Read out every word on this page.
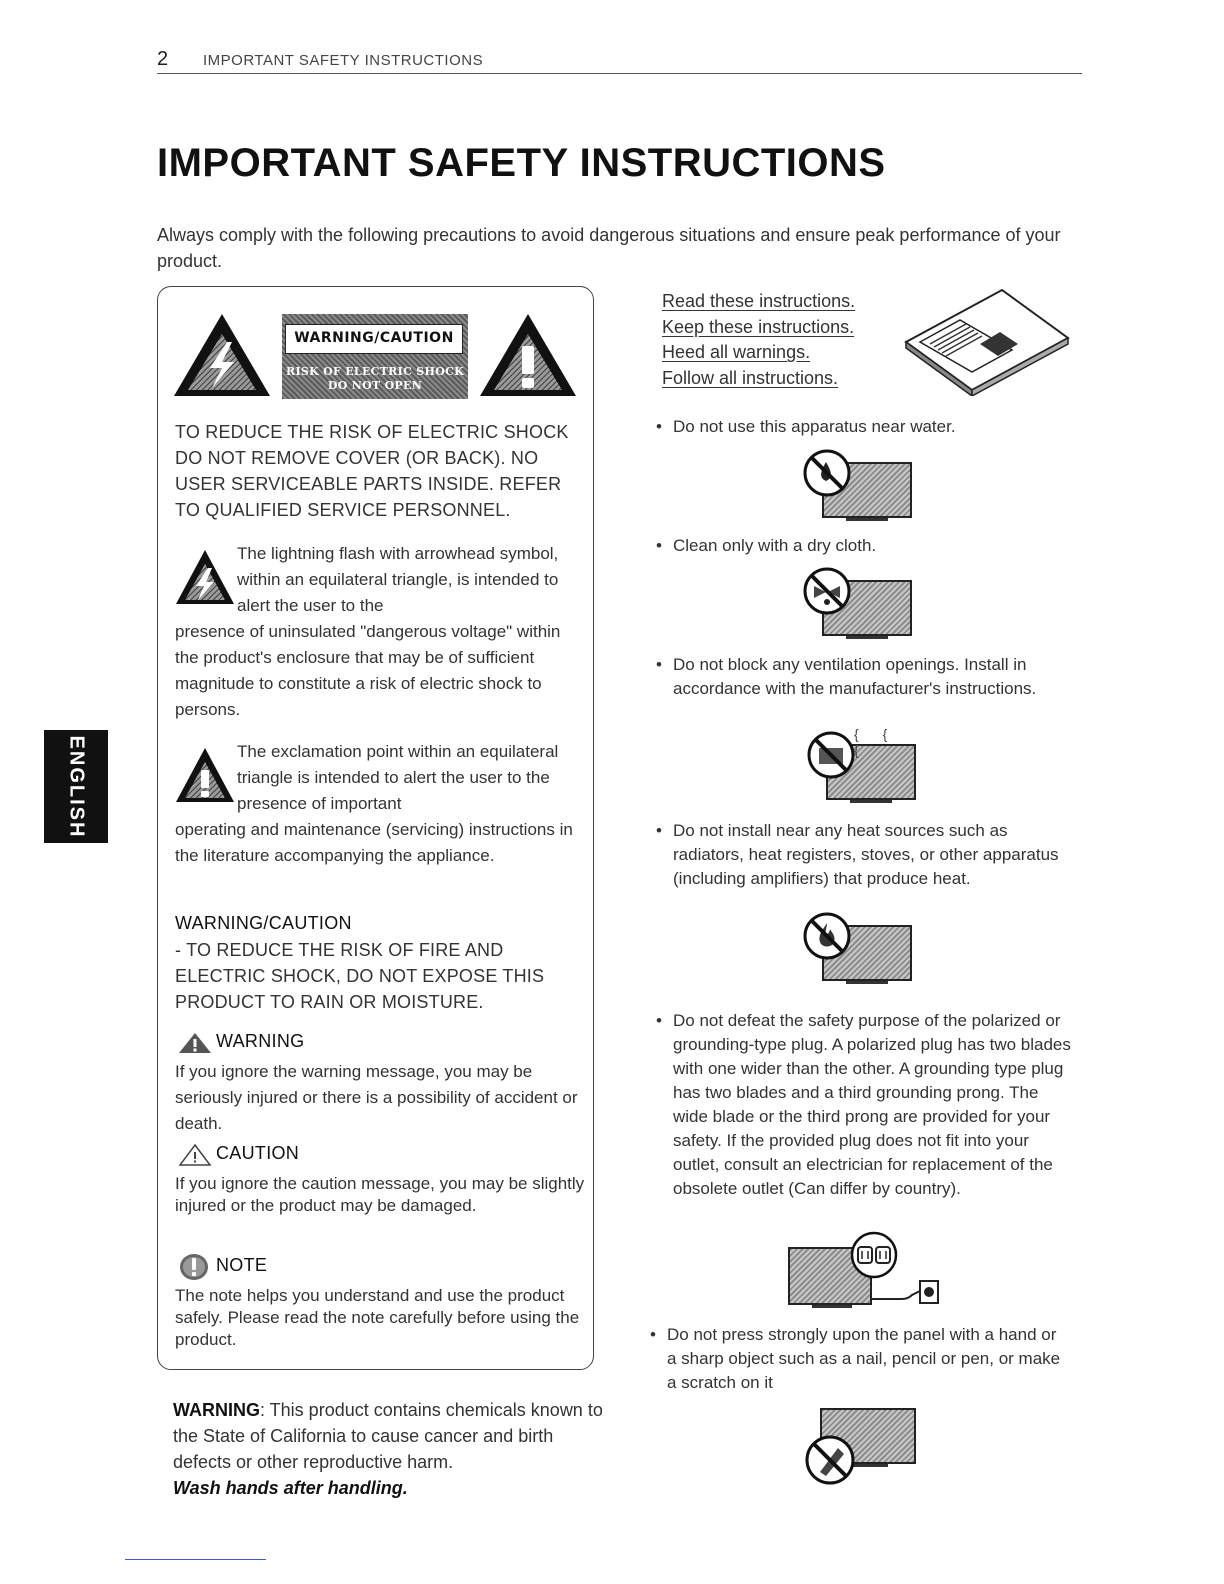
2 IMPORTANT SAFETY INSTRUCTIONS
IMPORTANT SAFETY INSTRUCTIONS
Always comply with the following precautions to avoid dangerous situations and ensure peak performance of your product.
ENGLISH
WARNING/CAUTION
RISK OF ELECTRIC SHOCK
DO NOT OPEN
TO REDUCE THE RISK OF ELECTRIC SHOCK DO NOT REMOVE COVER (OR BACK). NO USER SERVICEABLE PARTS INSIDE. REFER TO QUALIFIED SERVICE PERSONNEL.
The lightning flash with arrowhead symbol, within an equilateral triangle, is intended to alert the user to the
presence of uninsulated "dangerous voltage" within the product's enclosure that may be of sufficient magnitude to constitute a risk of electric shock to persons.
The exclamation point within an equilateral triangle is intended to alert the user to the presence of important
operating and maintenance (servicing) instructions in the literature accompanying the appliance.
WARNING/CAUTION
- TO REDUCE THE RISK OF FIRE AND ELECTRIC SHOCK, DO NOT EXPOSE THIS PRODUCT TO RAIN OR MOISTURE.
WARNING
If you ignore the warning message, you may be seriously injured or there is a possibility of accident or death.
CAUTION
If you ignore the caution message, you may be slightly injured or the product may be damaged.
NOTE
The note helps you understand and use the product safely. Please read the note carefully before using the product.
WARNING: This product contains chemicals known to the State of California to cause cancer and birth defects or other reproductive harm.
Wash hands after handling.
Read these instructions.
Keep these instructions.
Heed all warnings.
Follow all instructions.
• Do not use this apparatus near water.
• Clean only with a dry cloth.
• Do not block any ventilation openings. Install in accordance with the manufacturer's instructions.
{ { {
• Do not install near any heat sources such as radiators, heat registers, stoves, or other apparatus (including amplifiers) that produce heat.
• Do not defeat the safety purpose of the polarized or grounding-type plug. A polarized plug has two blades with one wider than the other. A grounding type plug has two blades and a third grounding prong. The wide blade or the third prong are provided for your safety. If the provided plug does not fit into your outlet, consult an electrician for replacement of the obsolete outlet (Can differ by country).
• Do not press strongly upon the panel with a hand or a sharp object such as a nail, pencil or pen, or make a scratch on it
